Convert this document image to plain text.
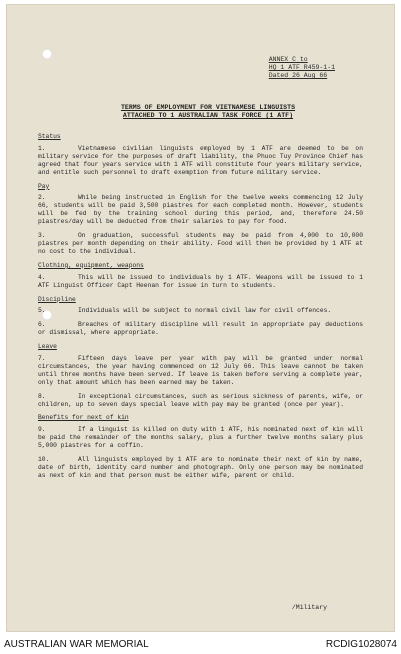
ANNEX C to
HQ 1 ATF R459-1-1
Dated 26 Aug 66
TERMS OF EMPLOYMENT FOR VIETNAMESE LINGUISTS
ATTACHED TO 1 AUSTRALIAN TASK FORCE (1 ATF)
Status
1.	Vietnamese civilian linguists employed by 1 ATF are deemed to be on military service for the purposes of draft liability, the Phuoc Tuy Province Chief has agreed that four years service with 1 ATF will constitute four years military service, and entitle such personnel to draft exemption from future military service.
Pay
2.	While being instructed in English for the twelve weeks commencing 12 July 66, students will be paid 3,500 piastres for each completed month. However, students will be fed by the training school during this period, and, therefore 24.50 piastres/day will be deducted from their salaries to pay for food.
3.	On graduation, successful students may be paid from 4,000 to 10,000 piastres per month depending on their ability. Food will then be provided by 1 ATF at no cost to the individual.
Clothing, equipment, weapons
4.	This will be issued to individuals by 1 ATF. Weapons will be issued to 1 ATF Linguist Officer Capt Heenan for issue in turn to students.
Discipline
5.	Individuals will be subject to normal civil law for civil offences.
6.	Breaches of military discipline will result in appropriate pay deductions or dismissal, where appropriate.
Leave
7.	Fifteen days leave per year with pay will be granted under normal circumstances, the year having commenced on 12 July 66. This leave cannot be taken until three months have been served. If leave is taken before serving a complete year, only that amount which has been earned may be taken.
8.	In exceptional circumstances, such as serious sickness of parents, wife, or children, up to seven days special leave with pay may be granted (once per year).
Benefits for next of kin
9.	If a linguist is killed on duty with 1 ATF, his nominated next of kin will be paid the remainder of the months salary, plus a further twelve months salary plus 5,000 piastres for a coffin.
10.	All linguists employed by 1 ATF are to nominate their next of kin by name, date of birth, identity card number and photograph. Only one person may be nominated as next of kin and that person must be either wife, parent or child.
/Military
AUSTRALIAN WAR MEMORIAL	RCDIG1028074
